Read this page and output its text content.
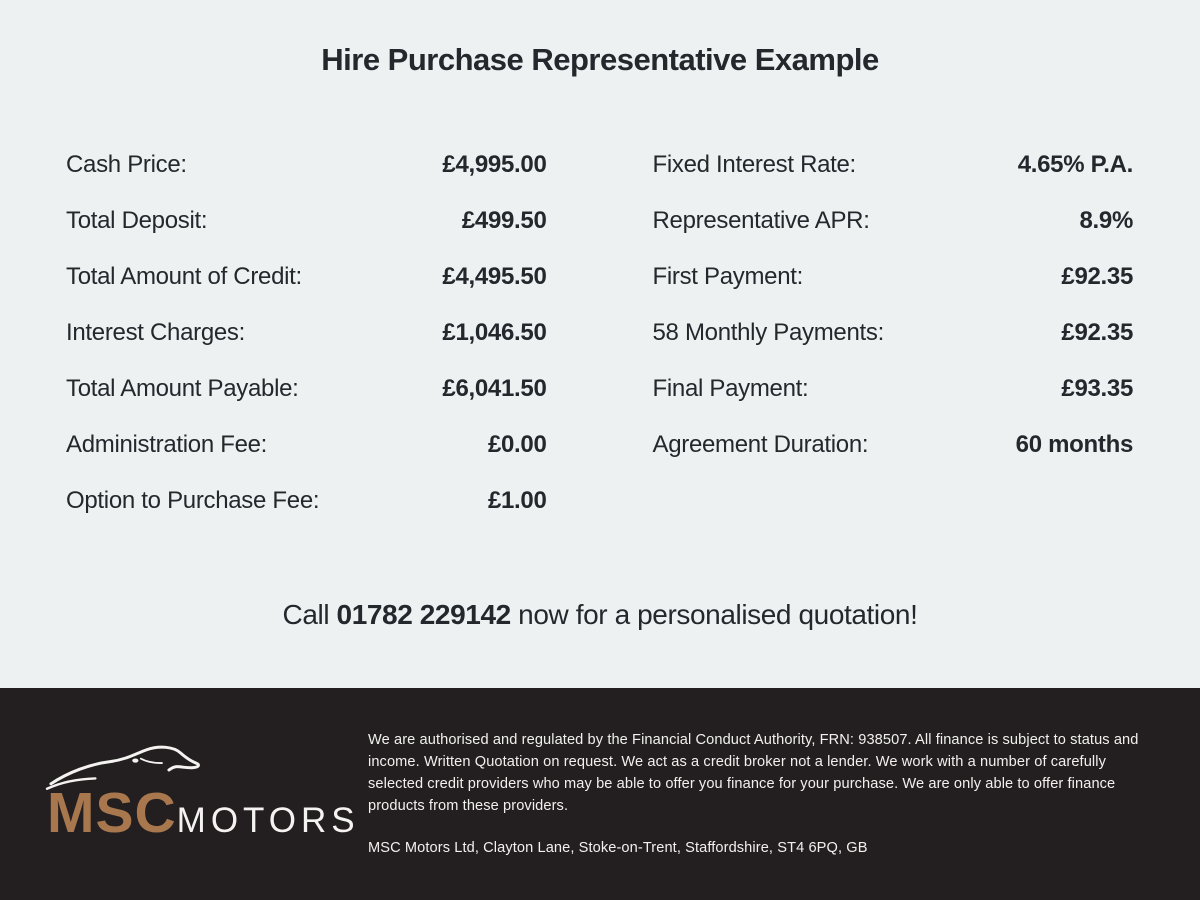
Hire Purchase Representative Example
Cash Price:	£4,995.00
Total Deposit:	£499.50
Total Amount of Credit:	£4,495.50
Interest Charges:	£1,046.50
Total Amount Payable:	£6,041.50
Administration Fee:	£0.00
Option to Purchase Fee:	£1.00
Fixed Interest Rate:	4.65% P.A.
Representative APR:	8.9%
First Payment:	£92.35
58 Monthly Payments:	£92.35
Final Payment:	£93.35
Agreement Duration:	60 months
Call 01782 229142 now for a personalised quotation!
MSC MOTORS

We are authorised and regulated by the Financial Conduct Authority, FRN: 938507. All finance is subject to status and income. Written Quotation on request. We act as a credit broker not a lender. We work with a number of carefully selected credit providers who may be able to offer you finance for your purchase. We are only able to offer finance products from these providers.

MSC Motors Ltd, Clayton Lane, Stoke-on-Trent, Staffordshire, ST4 6PQ, GB
